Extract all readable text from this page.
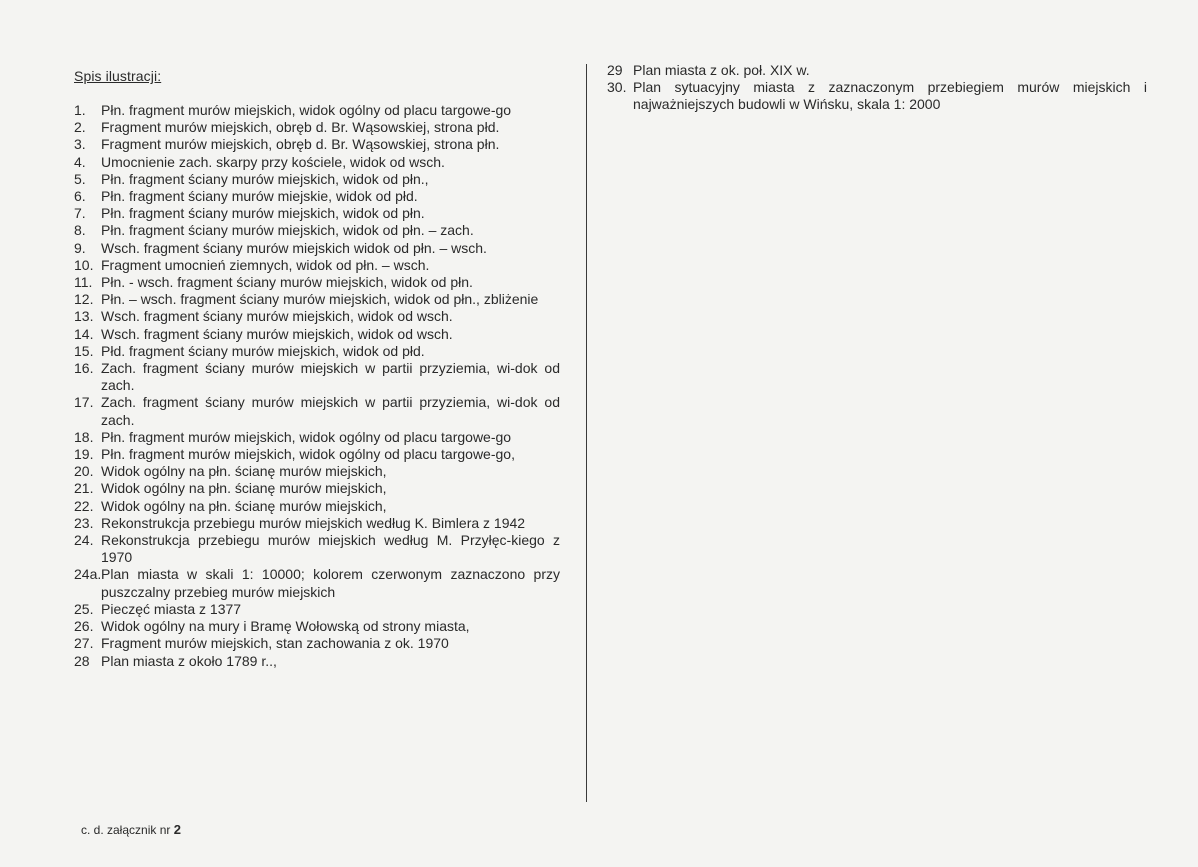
Spis ilustracji:
1.	Płn. fragment murów miejskich, widok ogólny od placu targowe-go
2.	Fragment murów miejskich, obręb d. Br. Wąsowskiej, strona płd.
3.	Fragment murów miejskich, obręb d. Br. Wąsowskiej, strona płn.
4.	Umocnienie zach. skarpy przy kościele, widok od wsch.
5.	Płn. fragment ściany murów miejskich, widok od płn.,
6.	Płn. fragment ściany murów miejskie, widok od płd.
7.	Płn. fragment ściany murów miejskich, widok od płn.
8.	Płn. fragment ściany murów miejskich, widok od płn. – zach.
9.	Wsch. fragment ściany murów miejskich widok od płn. – wsch.
10. Fragment umocnień ziemnych, widok od płn. – wsch.
11. Płn. - wsch. fragment ściany murów miejskich, widok od płn.
12. Płn. – wsch. fragment ściany murów miejskich, widok od płn., zbliżenie
13. Wsch. fragment ściany murów miejskich, widok od wsch.
14. Wsch. fragment ściany murów miejskich, widok od wsch.
15. Płd. fragment ściany murów miejskich, widok od płd.
16. Zach. fragment ściany murów miejskich w partii przyziemia, wi-dok od zach.
17. Zach. fragment ściany murów miejskich w partii przyziemia, wi-dok od zach.
18. Płn. fragment murów miejskich, widok ogólny od placu targowe-go
19. Płn. fragment murów miejskich, widok ogólny od placu targowe-go,
20. Widok ogólny na płn. ścianę murów miejskich,
21. Widok ogólny na płn. ścianę murów miejskich,
22. Widok ogólny na płn. ścianę murów miejskich,
23. Rekonstrukcja przebiegu murów miejskich według K. Bimlera z 1942
24. Rekonstrukcja przebiegu murów miejskich według M. Przyłęc-kiego z 1970
24a. Plan miasta w skali 1: 10000; kolorem czerwonym zaznaczono przy puszczalny przebieg murów miejskich
25. Pieczęć miasta z 1377
26. Widok ogólny na mury i Bramę Wołowską od strony miasta,
27. Fragment murów miejskich, stan zachowania z ok. 1970
28 Plan miasta z około 1789 r..,
29 Plan miasta z ok. poł. XIX w.
30. Plan sytuacyjny miasta z zaznaczonym przebiegiem murów miejskich i najważniejszych budowli w Wińsku, skala 1: 2000
c. d. załącznik nr 2
